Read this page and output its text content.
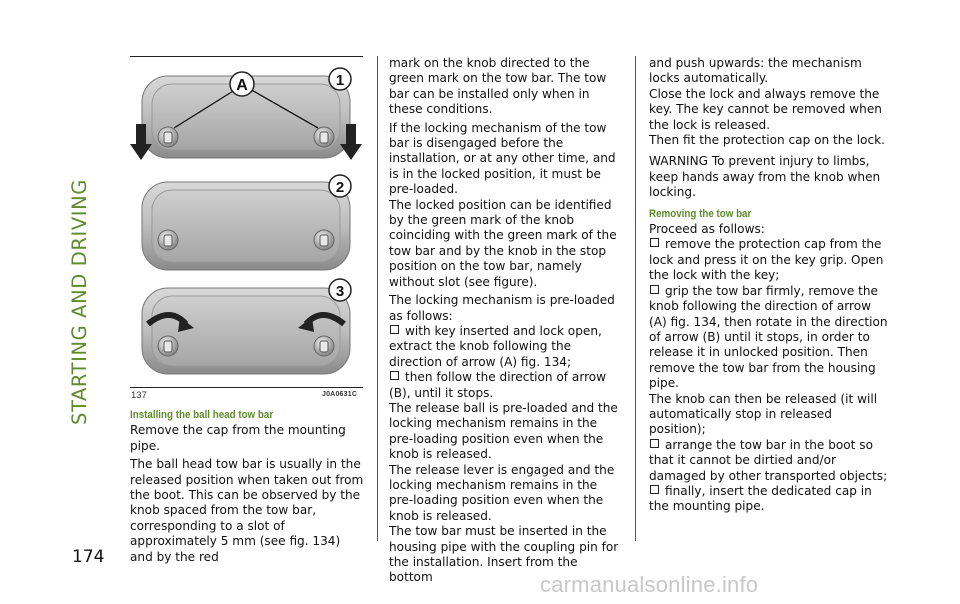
STARTING AND DRIVING
174
A	1
2
3
137	J0A0631C

Installing the ball head tow bar

Remove the cap from the mounting pipe.

The ball head tow bar is usually in the released position when taken out from the boot. This can be observed by the knob spaced from the tow bar, corresponding to a slot of approximately 5 mm (see fig. 134) and by the red

mark on the knob directed to the green mark on the tow bar. The tow bar can be installed only when in these conditions.

If the locking mechanism of the tow bar is disengaged before the installation, or at any other time, and is in the locked position, it must be pre-loaded.

The locked position can be identified by the green mark of the knob coinciding with the green mark of the tow bar and by the knob in the stop position on the tow bar, namely without slot (see figure).

The locking mechanism is pre-loaded as follows:

with key inserted and lock open, extract the knob following the direction of arrow (A) fig. 134;

then follow the direction of arrow (B), until it stops.

The release ball is pre-loaded and the locking mechanism remains in the pre-loading position even when the knob is released.

The release lever is engaged and the locking mechanism remains in the pre-loading position even when the knob is released.

The tow bar must be inserted in the housing pipe with the coupling pin for the installation. Insert from the bottom

and push upwards: the mechanism locks automatically.

Close the lock and always remove the key. The key cannot be removed when the lock is released.

Then fit the protection cap on the lock.

WARNING To prevent injury to limbs, keep hands away from the knob when locking.

Removing the tow bar

Proceed as follows:

remove the protection cap from the lock and press it on the key grip. Open the lock with the key;

grip the tow bar firmly, remove the knob following the direction of arrow (A) fig. 134, then rotate in the direction of arrow (B) until it stops, in order to release it in unlocked position. Then remove the tow bar from the housing pipe.

The knob can then be released (it will automatically stop in released position);

arrange the tow bar in the boot so that it cannot be dirtied and/or damaged by other transported objects;

finally, insert the dedicated cap in the mounting pipe.

carmanualsonline.info
